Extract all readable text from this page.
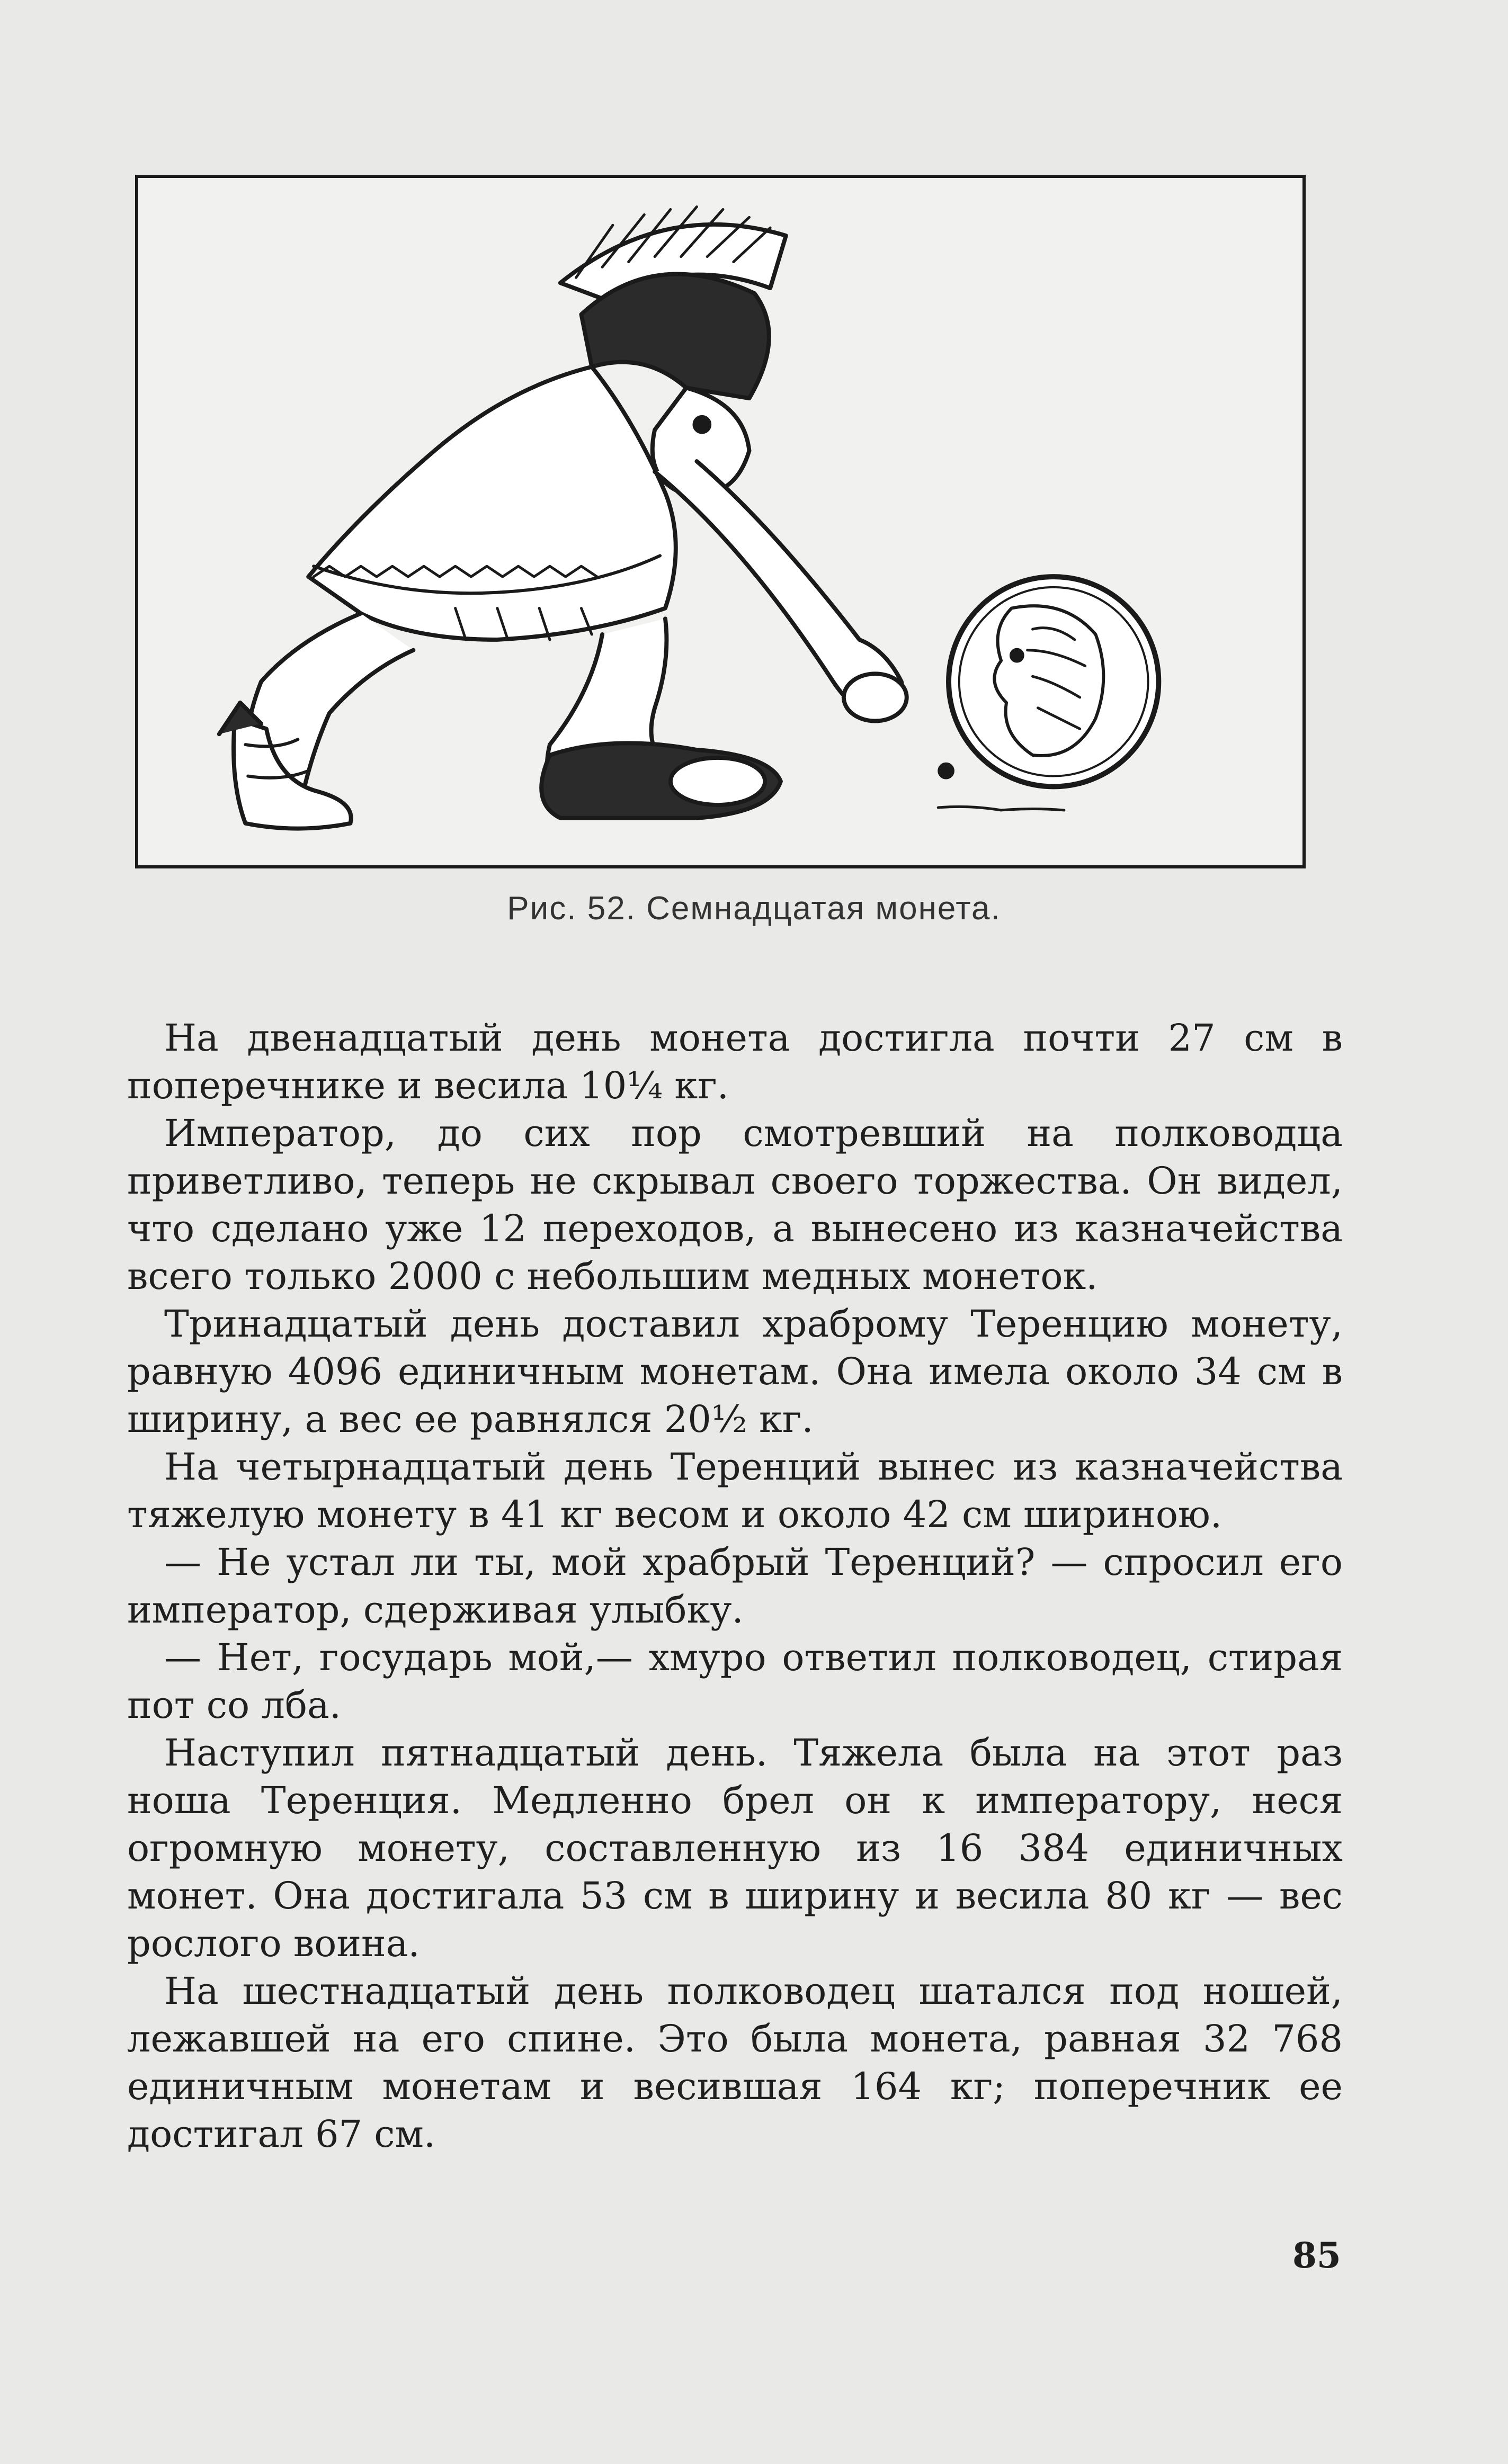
Рис. 52. Семнадцатая монета.

На двенадцатый день монета достигла почти 27 см в поперечнике и весила 10¼ кг.

Император, до сих пор смотревший на полководца приветливо, теперь не скрывал своего торжества. Он видел, что сделано уже 12 переходов, а вынесено из казначейства всего только 2000 с небольшим медных монеток.

Тринадцатый день доставил храброму Теренцию монету, равную 4096 единичным монетам. Она имела около 34 см в ширину, а вес ее равнялся 20½ кг.

На четырнадцатый день Теренций вынес из казначейства тяжелую монету в 41 кг весом и около 42 см шириною.

— Не устал ли ты, мой храбрый Теренций? — спросил его император, сдерживая улыбку.

— Нет, государь мой,— хмуро ответил полководец, стирая пот со лба.

Наступил пятнадцатый день. Тяжела была на этот раз ноша Теренция. Медленно брел он к императору, неся огромную монету, составленную из 16 384 единичных монет. Она достигала 53 см в ширину и весила 80 кг — вес рослого воина.

На шестнадцатый день полководец шатался под ношей, лежавшей на его спине. Это была монета, равная 32 768 единичным монетам и весившая 164 кг; поперечник ее достигал 67 см.

85
